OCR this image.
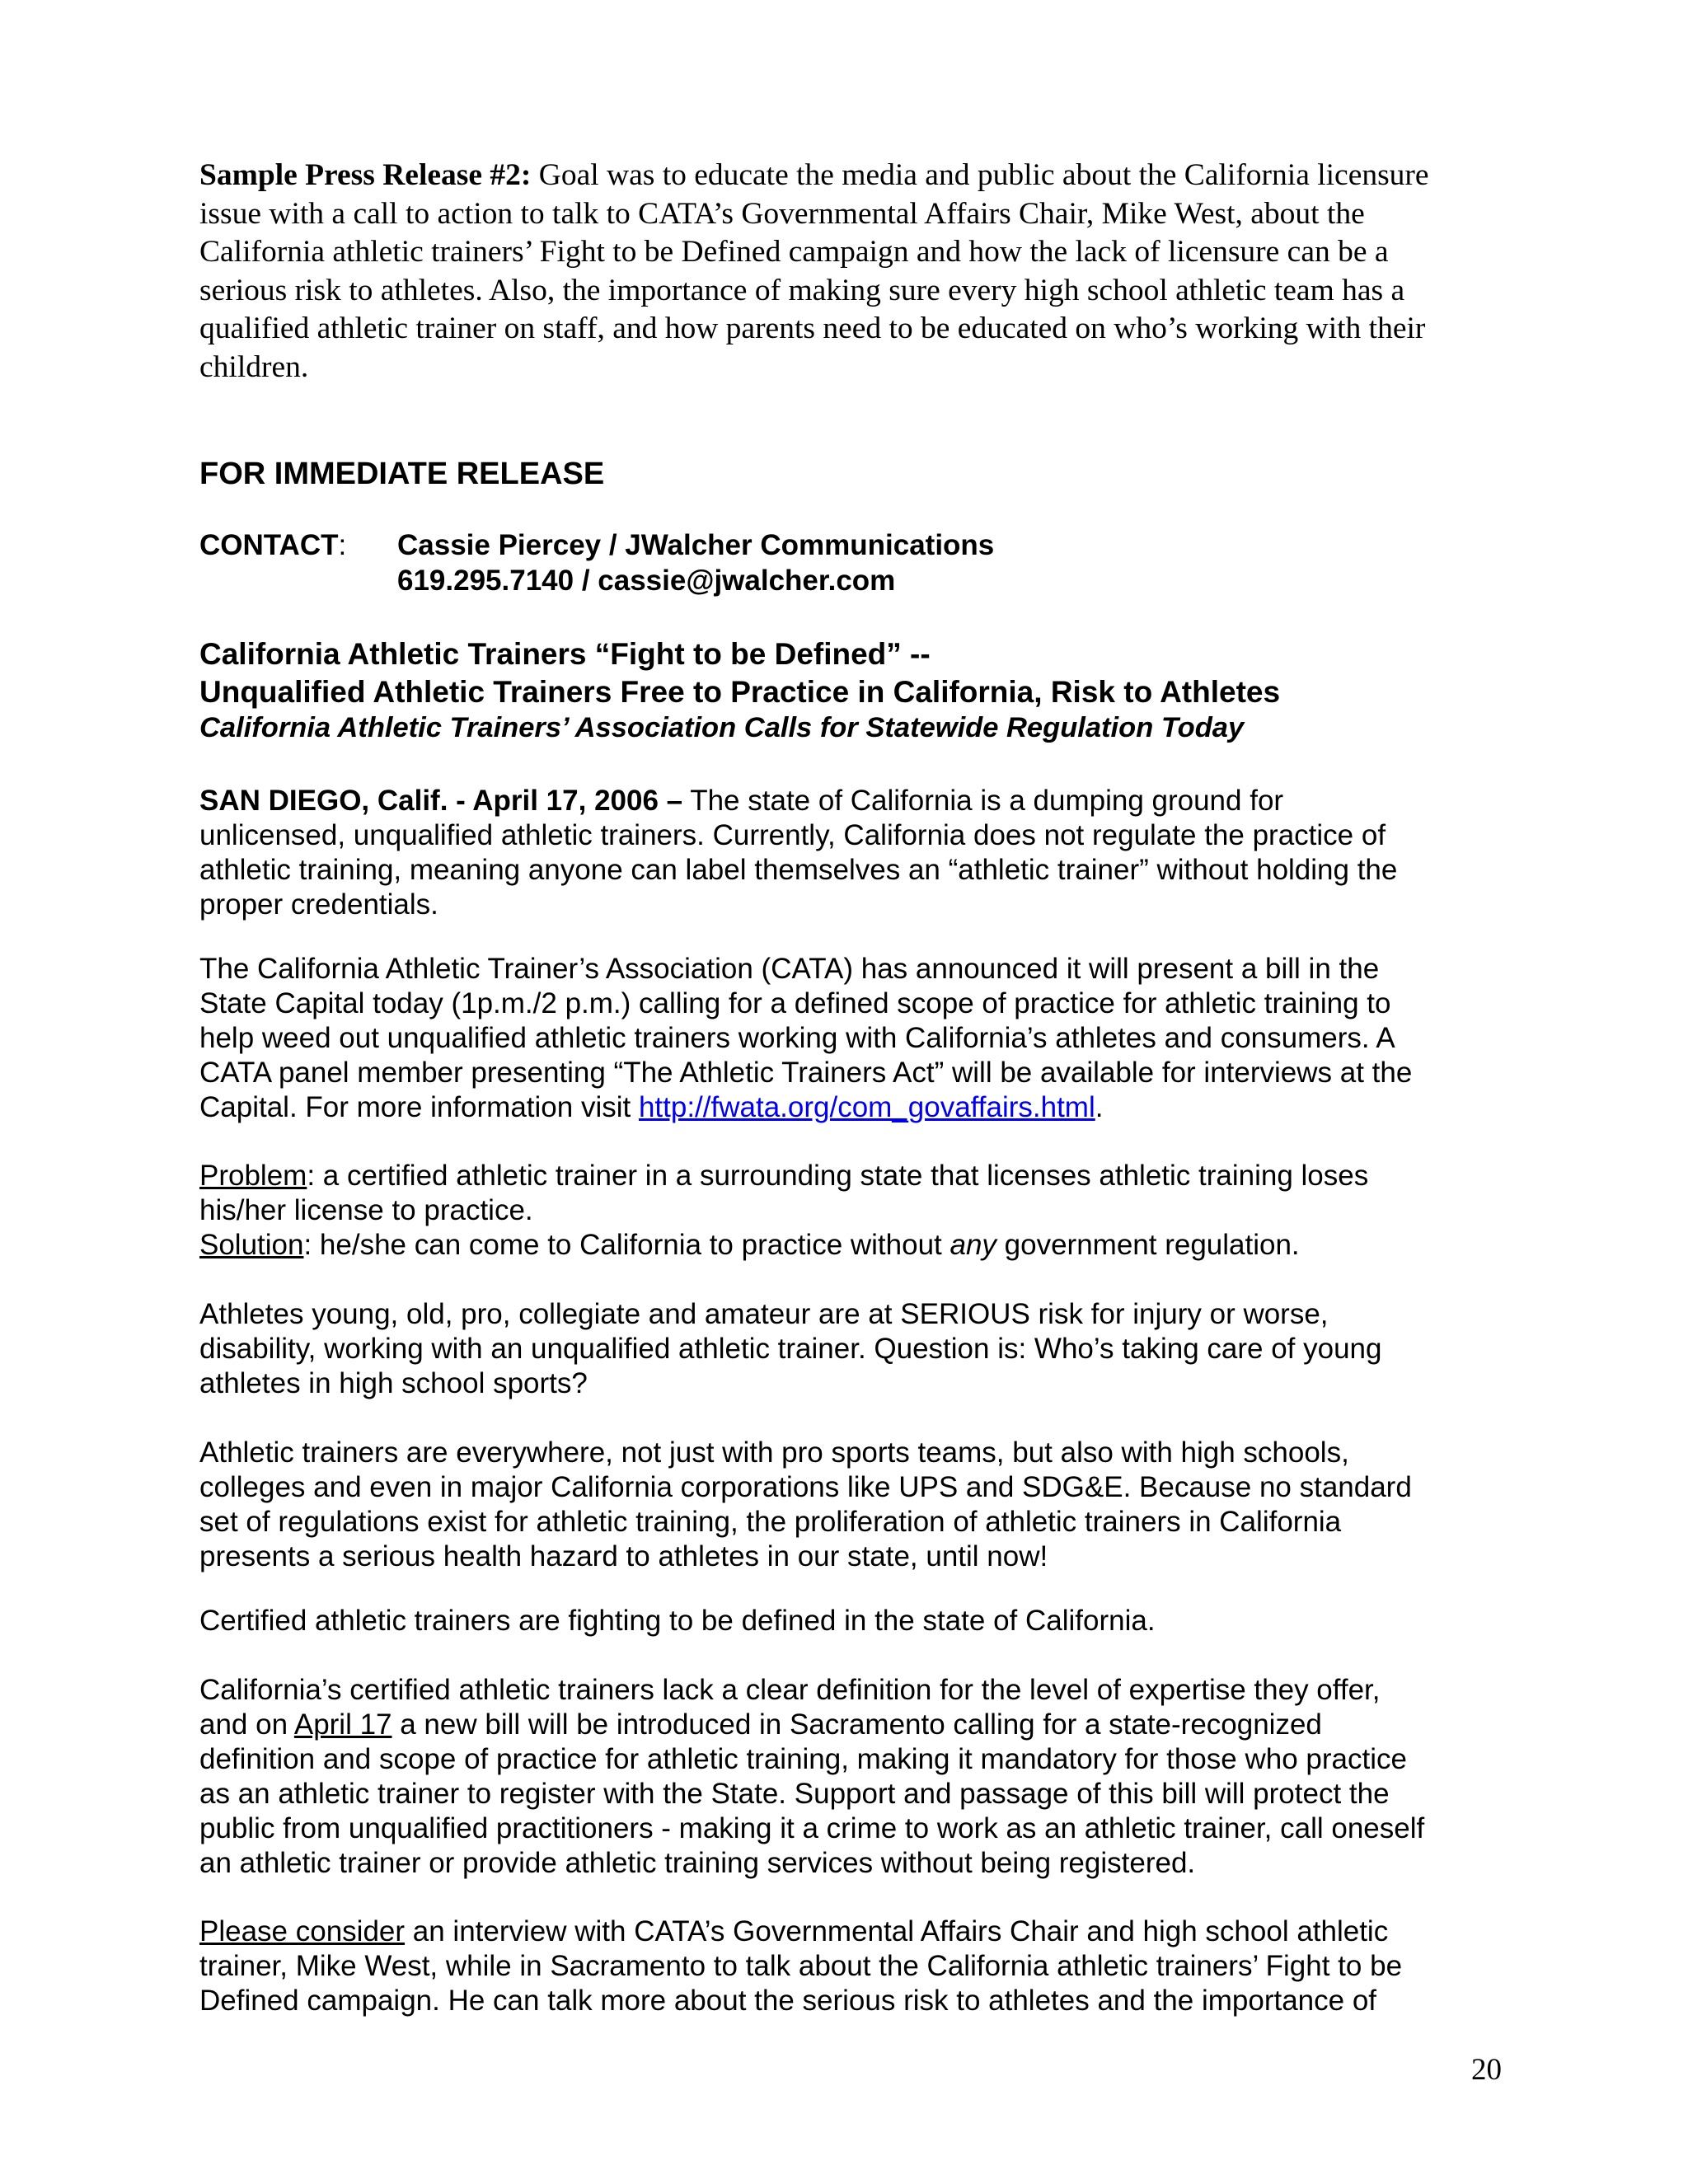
Sample Press Release #2: Goal was to educate the media and public about the California licensure
issue with a call to action to talk to CATA’s Governmental Affairs Chair, Mike West, about the
California athletic trainers’ Fight to be Defined campaign and how the lack of licensure can be a
serious risk to athletes. Also, the importance of making sure every high school athletic team has a
qualified athletic trainer on staff, and how parents need to be educated on who’s working with their
children.
FOR IMMEDIATE RELEASE
CONTACT: Cassie Piercey / JWalcher Communications
619.295.7140 / cassie@jwalcher.com
California Athletic Trainers “Fight to be Defined” --
Unqualified Athletic Trainers Free to Practice in California, Risk to Athletes
California Athletic Trainers’ Association Calls for Statewide Regulation Today

SAN DIEGO, Calif. - April 17, 2006 – The state of California is a dumping ground for

unlicensed, unqualified athletic trainers. Currently, California does not regulate the practice of

athletic training, meaning anyone can label themselves an “athletic trainer” without holding the

proper credentials.

The California Athletic Trainer’s Association (CATA) has announced it will present a bill in the

State Capital today (1p.m./2 p.m.) calling for a defined scope of practice for athletic training to

help weed out unqualified athletic trainers working with California’s athletes and consumers. A

CATA panel member presenting “The Athletic Trainers Act” will be available for interviews at the

Capital. For more information visit http://fwata.org/com_govaffairs.html.

Problem: a certified athletic trainer in a surrounding state that licenses athletic training loses

his/her license to practice.

Solution: he/she can come to California to practice without any government regulation.

Athletes young, old, pro, collegiate and amateur are at SERIOUS risk for injury or worse,

disability, working with an unqualified athletic trainer. Question is: Who’s taking care of young

athletes in high school sports?

Athletic trainers are everywhere, not just with pro sports teams, but also with high schools,

colleges and even in major California corporations like UPS and SDG&E. Because no standard

set of regulations exist for athletic training, the proliferation of athletic trainers in California

presents a serious health hazard to athletes in our state, until now!

Certified athletic trainers are fighting to be defined in the state of California.

California’s certified athletic trainers lack a clear definition for the level of expertise they offer,

and on April 17 a new bill will be introduced in Sacramento calling for a state-recognized

definition and scope of practice for athletic training, making it mandatory for those who practice

as an athletic trainer to register with the State. Support and passage of this bill will protect the

public from unqualified practitioners - making it a crime to work as an athletic trainer, call oneself

an athletic trainer or provide athletic training services without being registered.

Please consider an interview with CATA’s Governmental Affairs Chair and high school athletic

trainer, Mike West, while in Sacramento to talk about the California athletic trainers’ Fight to be

Defined campaign. He can talk more about the serious risk to athletes and the importance of

20
